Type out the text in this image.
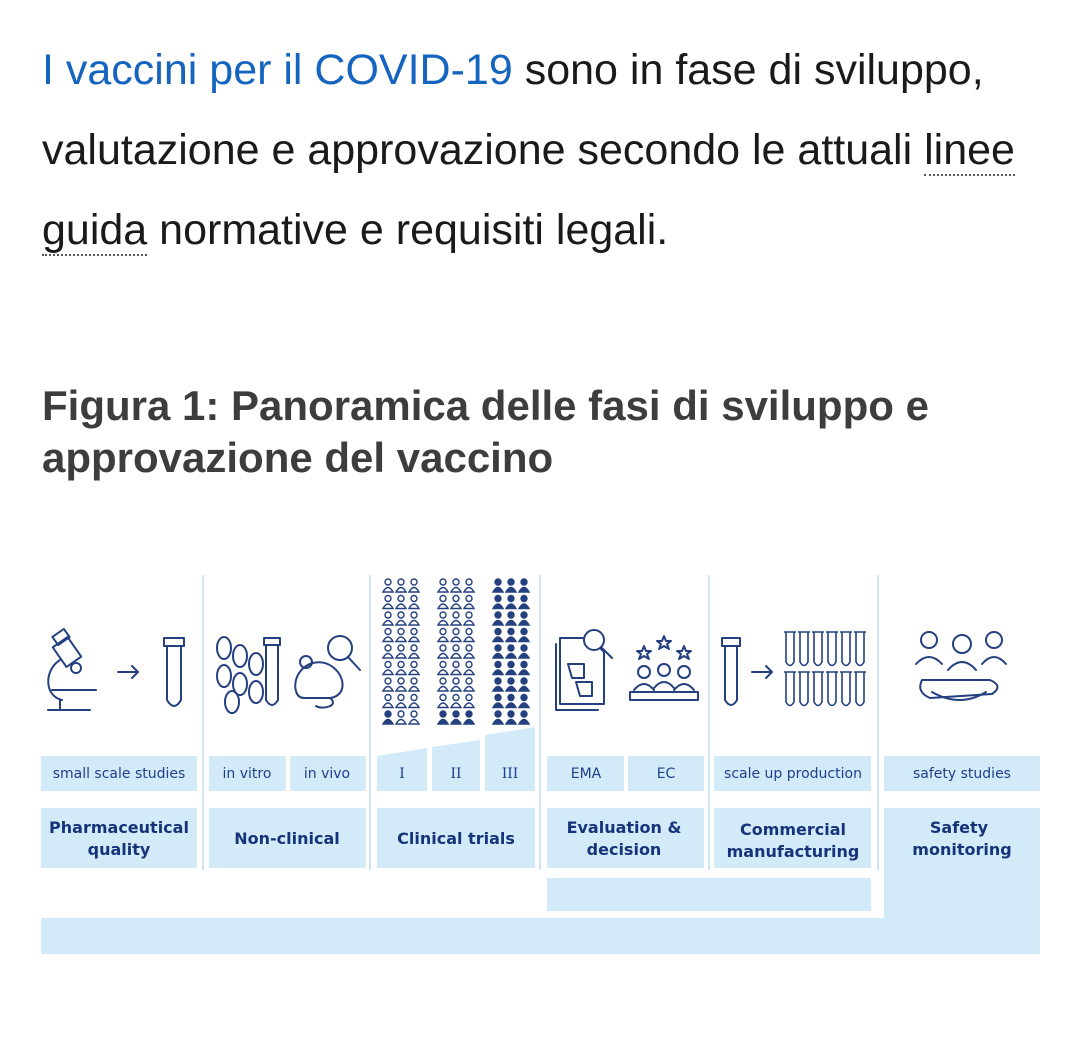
I vaccini per il COVID-19 sono in fase di sviluppo, valutazione e approvazione secondo le attuali linee guida normative e requisiti legali.

Figura 1: Panoramica delle fasi di sviluppo e approvazione del vaccino
small scale studies	in vitro in vivo	I	II	III	EMA	EC	scale up production	safety studies
Pharmaceutical
quality
Non-clinical	Clinical trials
Evaluation &
decision
Commercial
manufacturing
Safety
monitoring
